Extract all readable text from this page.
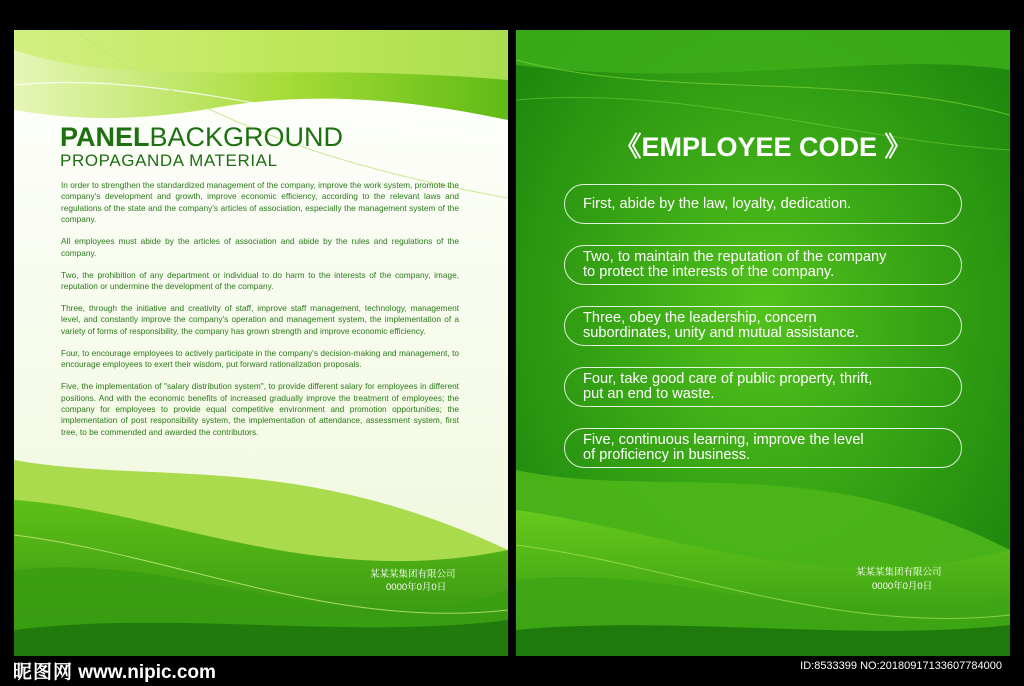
PANELBACKGROUND
PROPAGANDA MATERIAL

In order to strengthen the standardized management of the company, improve the work system, promote the company's development and growth, improve economic efficiency, according to the relevant laws and regulations of the state and the company's articles of association, especially the management system of the company.

All employees must abide by the articles of association and abide by the rules and regulations of the company.

Two, the prohibition of any department or individual to do harm to the interests of the company, image, reputation or undermine the development of the company.

Three, through the initiative and creativity of staff, improve staff management, technology, management level, and constantly improve the company's operation and management system, the implementation of a variety of forms of responsibility, the company has grown strength and improve economic efficiency.

Four, to encourage employees to actively participate in the company's decision-making and management, to encourage employees to exert their wisdom, put forward rationalization proposals.

Five, the implementation of "salary distribution system", to provide different salary for employees in different positions. And with the economic benefits of increased gradually improve the treatment of employees; the company for employees to provide equal competitive environment and promotion opportunities; the implementation of post responsibility system, the implementation of attendance, assessment system, first tree, to be commended and awarded the contributors.

某某某集团有限公司
0000年0月0日
《EMPLOYEE CODE 》
First, abide by the law, loyalty, dedication.
Two, to maintain the reputation of the company
to protect the interests of the company.
Three, obey the leadership, concern
subordinates, unity and mutual assistance.
Four, take good care of public property, thrift,
put an end to waste.
Five, continuous learning, improve the level
of proficiency in business.
某某某集团有限公司
0000年0月0日
昵图网 www.nipic.com	ID:8533399 NO:20180917133607784000
